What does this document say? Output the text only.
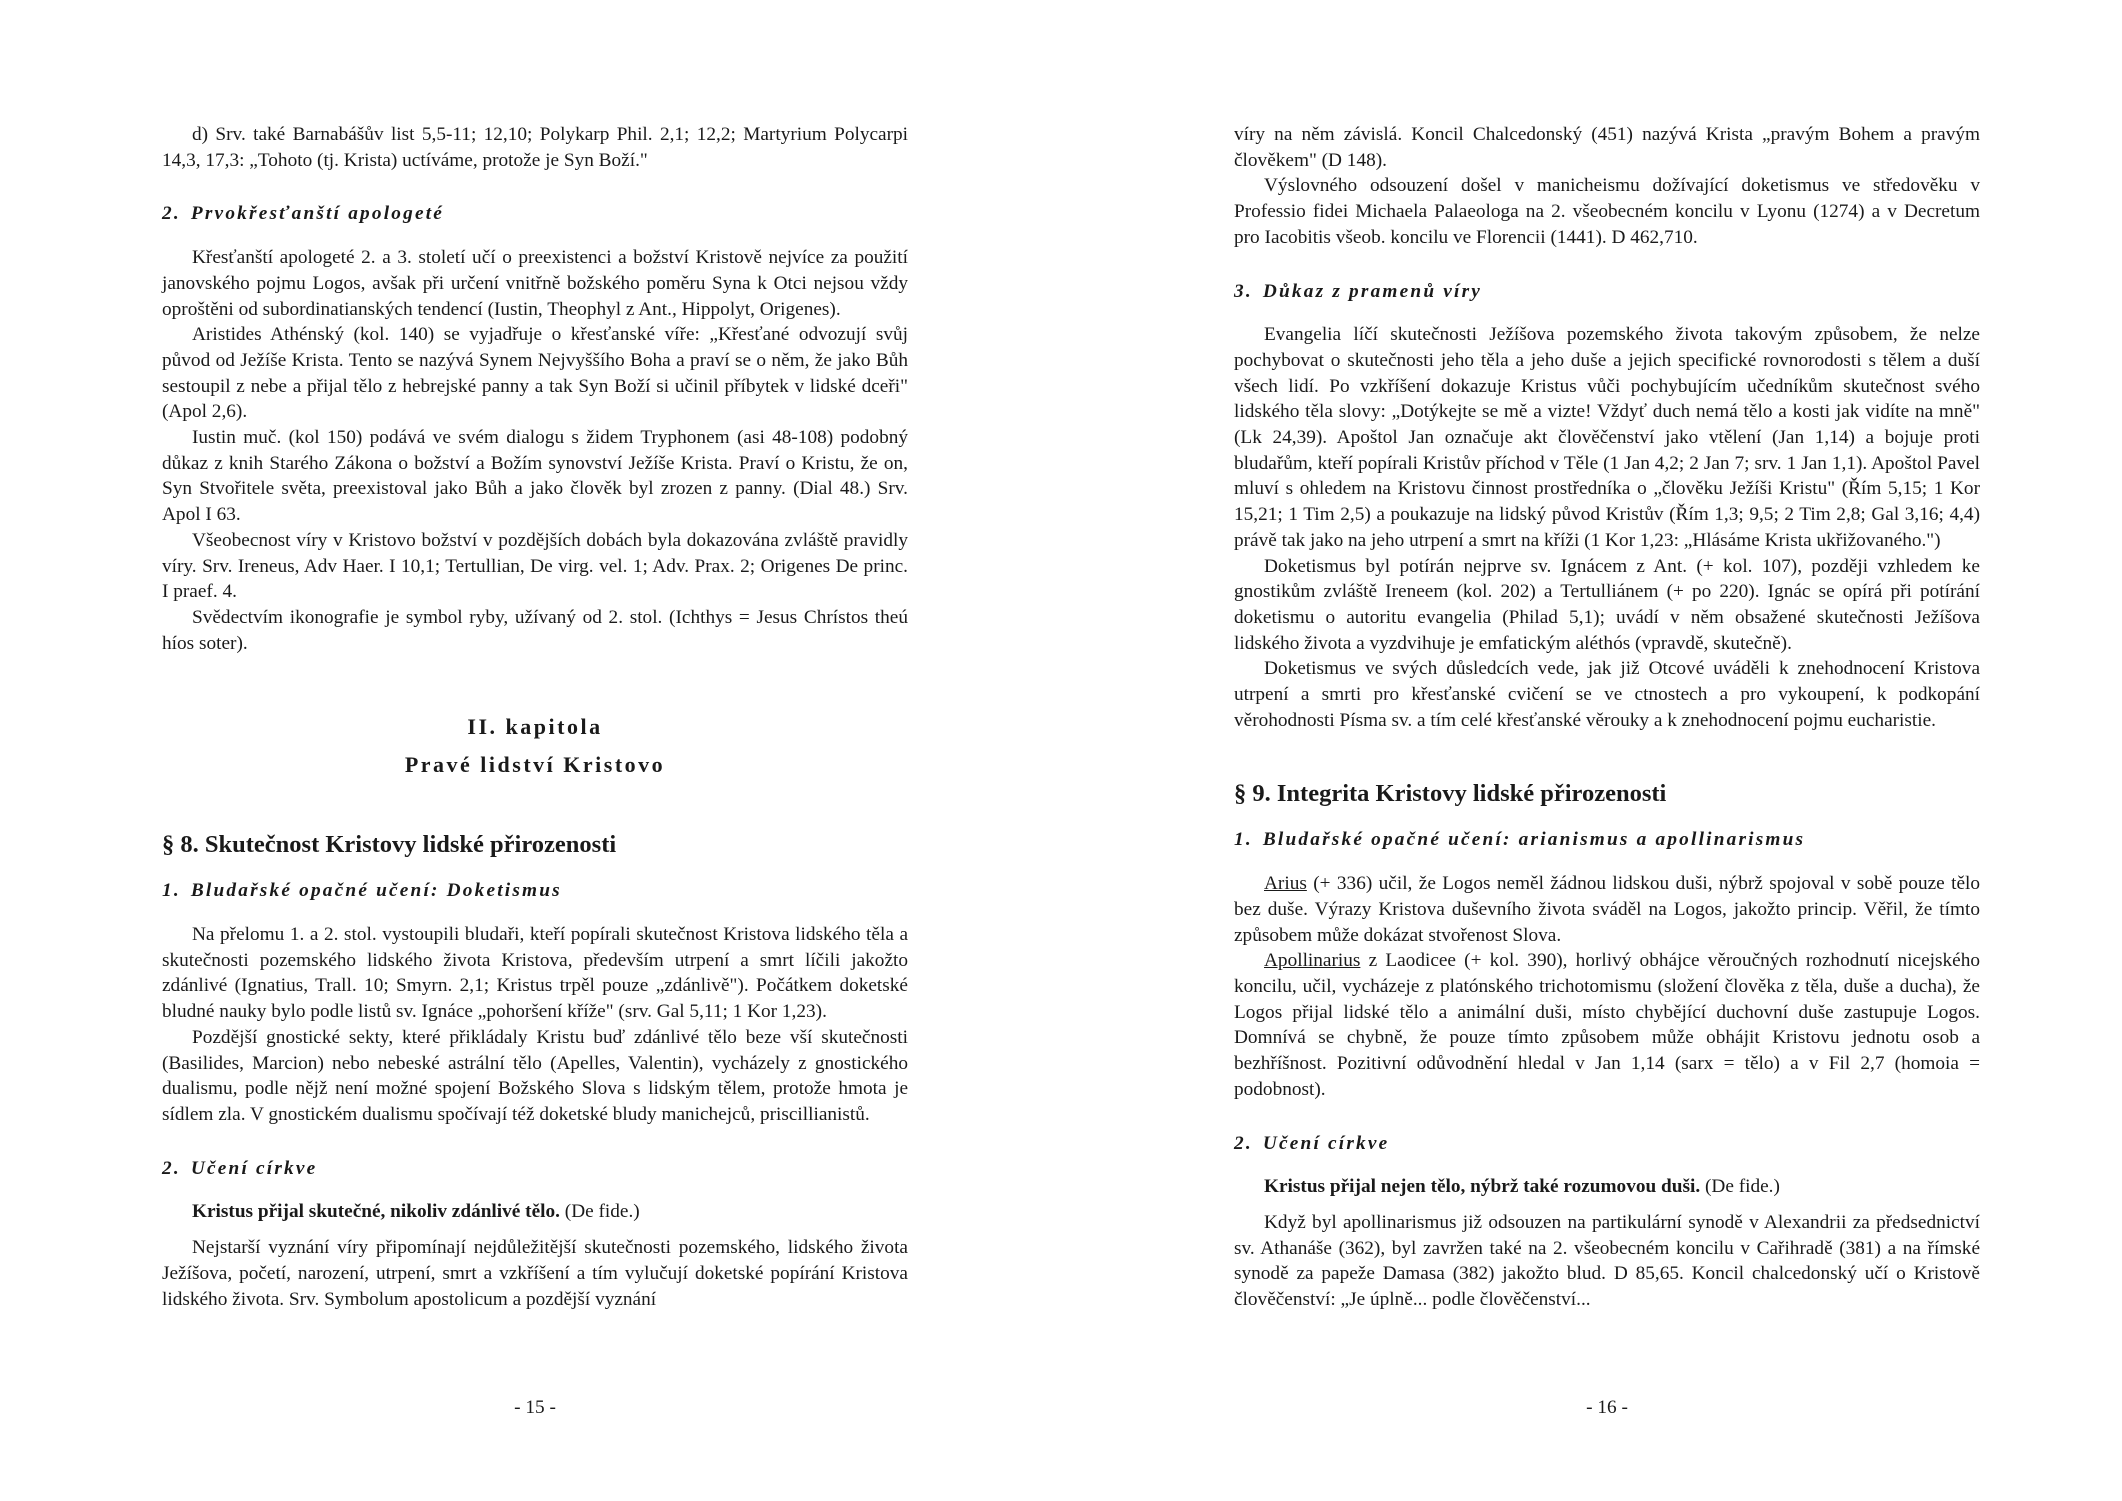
d) Srv. také Barnabášův list 5,5-11; 12,10; Polykarp Phil. 2,1; 12,2; Martyrium Polycarpi 14,3, 17,3: „Tohoto (tj. Krista) uctíváme, protože je Syn Boží."

2. Prvokřesťanští apologeté

Křesťanští apologeté 2. a 3. století učí o preexistenci a božství Kristově nejvíce za použití janovského pojmu Logos, avšak při určení vnitřně božského poměru Syna k Otci nejsou vždy oproštěni od subordinatianských tendencí (Iustin, Theophyl z Ant., Hippolyt, Origenes).

Aristides Athénský (kol. 140) se vyjadřuje o křesťanské víře: „Křesťané odvozují svůj původ od Ježíše Krista. Tento se nazývá Synem Nejvyššího Boha a praví se o něm, že jako Bůh sestoupil z nebe a přijal tělo z hebrejské panny a tak Syn Boží si učinil příbytek v lidské dceři" (Apol 2,6).

Iustin muč. (kol 150) podává ve svém dialogu s židem Tryphonem (asi 48-108) podobný důkaz z knih Starého Zákona o božství a Božím synovství Ježíše Krista. Praví o Kristu, že on, Syn Stvořitele světa, preexistoval jako Bůh a jako člověk byl zrozen z panny. (Dial 48.) Srv. Apol I 63.

Všeobecnost víry v Kristovo božství v pozdějších dobách byla dokazována zvláště pravidly víry. Srv. Ireneus, Adv Haer. I 10,1; Tertullian, De virg. vel. 1; Adv. Prax. 2; Origenes De princ. I praef. 4.

Svědectvím ikonografie je symbol ryby, užívaný od 2. stol. (Ichthys = Jesus Chrístos theú híos soter).

II. kapitola
Pravé lidství Kristovo
§ 8. Skutečnost Kristovy lidské přirozenosti
1. Bludařské opačné učení: Doketismus

Na přelomu 1. a 2. stol. vystoupili bludaři, kteří popírali skutečnost Kristova lidského těla a skutečnosti pozemského lidského života Kristova, především utrpení a smrt líčili jakožto zdánlivé (Ignatius, Trall. 10; Smyrn. 2,1; Kristus trpěl pouze „zdánlivě"). Počátkem doketské bludné nauky bylo podle listů sv. Ignáce „pohoršení kříže" (srv. Gal 5,11; 1 Kor 1,23).

Pozdější gnostické sekty, které přikládaly Kristu buď zdánlivé tělo beze vší skutečnosti (Basilides, Marcion) nebo nebeské astrální tělo (Apelles, Valentin), vycházely z gnostického dualismu, podle nějž není možné spojení Božského Slova s lidským tělem, protože hmota je sídlem zla. V gnostickém dualismu spočívají též doketské bludy manichejců, priscillianistů.

2. Učení církve

Kristus přijal skutečné, nikoliv zdánlivé tělo. (De fide.)

Nejstarší vyznání víry připomínají nejdůležitější skutečnosti pozemského, lidského života Ježíšova, početí, narození, utrpení, smrt a vzkříšení a tím vylučují doketské popírání Kristova lidského života. Srv. Symbolum apostolicum a pozdější vyznání

- 15 -

víry na něm závislá. Koncil Chalcedonský (451) nazývá Krista „pravým Bohem a pravým člověkem" (D 148).

Výslovného odsouzení došel v manicheismu dožívající doketismus ve středověku v Professio fidei Michaela Palaeologa na 2. všeobecném koncilu v Lyonu (1274) a v Decretum pro Iacobitis všeob. koncilu ve Florencii (1441). D 462,710.

3. Důkaz z pramenů víry

Evangelia líčí skutečnosti Ježíšova pozemského života takovým způsobem, že nelze pochybovat o skutečnosti jeho těla a jeho duše a jejich specifické rovnorodosti s tělem a duší všech lidí. Po vzkříšení dokazuje Kristus vůči pochybujícím učedníkům skutečnost svého lidského těla slovy: „Dotýkejte se mě a vizte! Vždyť duch nemá tělo a kosti jak vidíte na mně" (Lk 24,39). Apoštol Jan označuje akt člověčenství jako vtělení (Jan 1,14) a bojuje proti bludařům, kteří popírali Kristův příchod v Těle (1 Jan 4,2; 2 Jan 7; srv. 1 Jan 1,1). Apoštol Pavel mluví s ohledem na Kristovu činnost prostředníka o „člověku Ježíši Kristu" (Řím 5,15; 1 Kor 15,21; 1 Tim 2,5) a poukazuje na lidský původ Kristův (Řím 1,3; 9,5; 2 Tim 2,8; Gal 3,16; 4,4) právě tak jako na jeho utrpení a smrt na kříži (1 Kor 1,23: „Hlásáme Krista ukřižovaného.")

Doketismus byl potírán nejprve sv. Ignácem z Ant. (+ kol. 107), později vzhledem ke gnostikům zvláště Ireneem (kol. 202) a Tertulliánem (+ po 220). Ignác se opírá při potírání doketismu o autoritu evangelia (Philad 5,1); uvádí v něm obsažené skutečnosti Ježíšova lidského života a vyzdvihuje je emfatickým aléthós (vpravdě, skutečně).

Doketismus ve svých důsledcích vede, jak již Otcové uváděli k znehodnocení Kristova utrpení a smrti pro křesťanské cvičení se ve ctnostech a pro vykoupení, k podkopání věrohodnosti Písma sv. a tím celé křesťanské věrouky a k znehodnocení pojmu eucharistie.

§ 9. Integrita Kristovy lidské přirozenosti
1. Bludařské opačné učení: arianismus a apollinarismus

Arius (+ 336) učil, že Logos neměl žádnou lidskou duši, nýbrž spojoval v sobě pouze tělo bez duše. Výrazy Kristova duševního života sváděl na Logos, jakožto princip. Věřil, že tímto způsobem může dokázat stvořenost Slova.

Apollinarius z Laodicee (+ kol. 390), horlivý obhájce věroučných rozhodnutí nicejského koncilu, učil, vycházeje z platónského trichotomismu (složení člověka z těla, duše a ducha), že Logos přijal lidské tělo a animální duši, místo chybějící duchovní duše zastupuje Logos. Domnívá se chybně, že pouze tímto způsobem může obhájit Kristovu jednotu osob a bezhříšnost. Pozitivní odůvodnění hledal v Jan 1,14 (sarx = tělo) a v Fil 2,7 (homoia = podobnost).

2. Učení církve

Kristus přijal nejen tělo, nýbrž také rozumovou duši. (De fide.)

Když byl apollinarismus již odsouzen na partikulární synodě v Alexandrii za předsednictví sv. Athanáše (362), byl zavržen také na 2. všeobecném koncilu v Cařihradě (381) a na římské synodě za papeže Damasa (382) jakožto blud. D 85,65. Koncil chalcedonský učí o Kristově člověčenství: „Je úplně... podle člověčenství...

- 16 -
